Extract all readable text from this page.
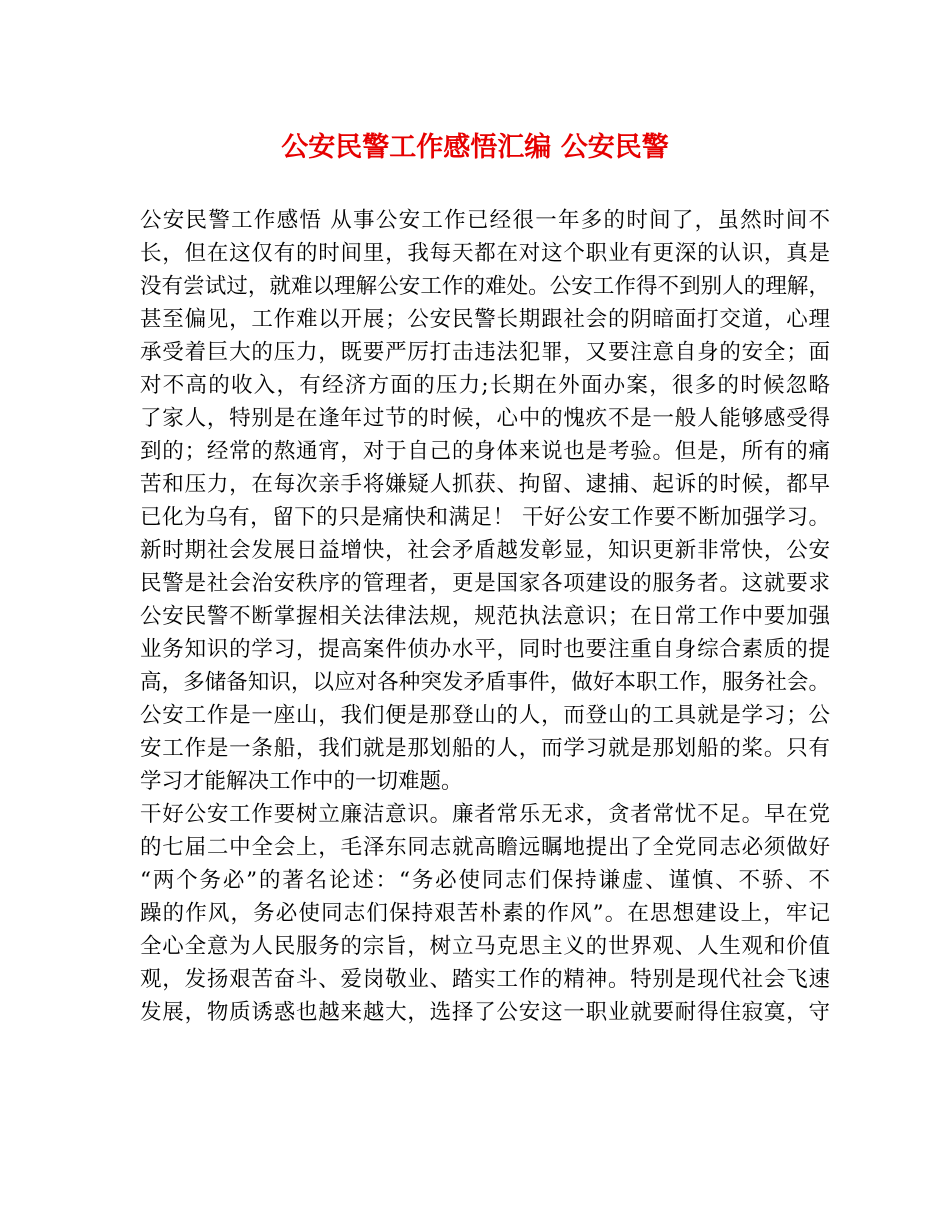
公安民警工作感悟汇编 公安民警
公安民警工作感悟 从事公安工作已经很一年多的时间了，虽然时间不
长，但在这仅有的时间里，我每天都在对这个职业有更深的认识，真是
没有尝试过，就难以理解公安工作的难处。公安工作得不到别人的理解，
甚至偏见，工作难以开展；公安民警长期跟社会的阴暗面打交道，心理
承受着巨大的压力，既要严厉打击违法犯罪，又要注意自身的安全；面
对不高的收入，有经济方面的压力;长期在外面办案，很多的时候忽略
了家人，特别是在逢年过节的时候，心中的愧疚不是一般人能够感受得
到的；经常的熬通宵，对于自己的身体来说也是考验。但是，所有的痛
苦和压力，在每次亲手将嫌疑人抓获、拘留、逮捕、起诉的时候，都早
已化为乌有，留下的只是痛快和满足！ 干好公安工作要不断加强学习。
新时期社会发展日益增快，社会矛盾越发彰显，知识更新非常快，公安
民警是社会治安秩序的管理者，更是国家各项建设的服务者。这就要求
公安民警不断掌握相关法律法规，规范执法意识；在日常工作中要加强
业务知识的学习，提高案件侦办水平，同时也要注重自身综合素质的提
高，多储备知识，以应对各种突发矛盾事件，做好本职工作，服务社会。
公安工作是一座山，我们便是那登山的人，而登山的工具就是学习；公
安工作是一条船，我们就是那划船的人，而学习就是那划船的桨。只有
学习才能解决工作中的一切难题。
干好公安工作要树立廉洁意识。廉者常乐无求，贪者常忧不足。早在党
的七届二中全会上，毛泽东同志就高瞻远瞩地提出了全党同志必须做好
“两个务必”的著名论述：“务必使同志们保持谦虚、谨慎、不骄、不
躁的作风，务必使同志们保持艰苦朴素的作风”。在思想建设上，牢记
全心全意为人民服务的宗旨，树立马克思主义的世界观、人生观和价值
观，发扬艰苦奋斗、爱岗敬业、踏实工作的精神。特别是现代社会飞速
发展，物质诱惑也越来越大，选择了公安这一职业就要耐得住寂寞，守
